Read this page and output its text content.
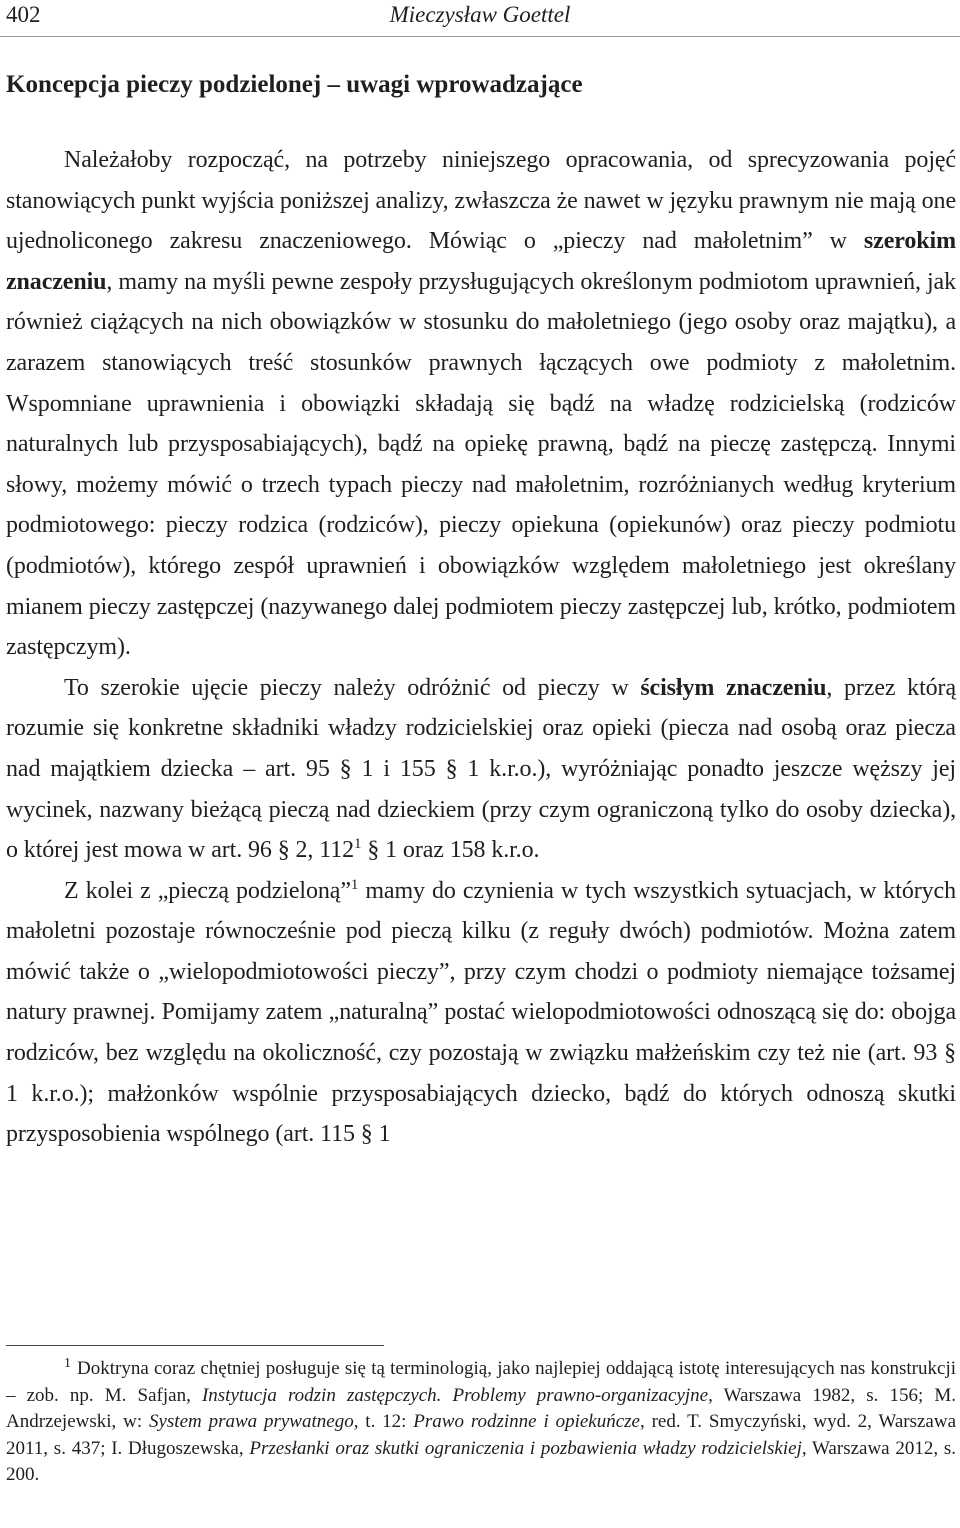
402	Mieczysław Goettel
Koncepcja pieczy podzielonej – uwagi wprowadzające

Należałoby rozpocząć, na potrzeby niniejszego opracowania, od sprecyzowania pojęć stanowiących punkt wyjścia poniższej analizy, zwłaszcza że nawet w języku prawnym nie mają one ujednoliconego zakresu znaczeniowego. Mówiąc o „pieczy nad małoletnim” w szerokim znaczeniu, mamy na myśli pewne zespoły przysługujących określonym podmiotom uprawnień, jak również ciążących na nich obowiązków w stosunku do małoletniego (jego osoby oraz majątku), a zarazem stanowiących treść stosunków prawnych łączących owe podmioty z małoletnim. Wspomniane uprawnienia i obowiązki składają się bądź na władzę rodzicielską (rodziców naturalnych lub przysposabiających), bądź na opiekę prawną, bądź na pieczę zastępczą. Innymi słowy, możemy mówić o trzech typach pieczy nad małoletnim, rozróżnianych według kryterium podmiotowego: pieczy rodzica (rodziców), pieczy opiekuna (opiekunów) oraz pieczy podmiotu (podmiotów), którego zespół uprawnień i obowiązków względem małoletniego jest określany mianem pieczy zastępczej (nazywanego dalej podmiotem pieczy zastępczej lub, krótko, podmiotem zastępczym).

To szerokie ujęcie pieczy należy odróżnić od pieczy w ścisłym znaczeniu, przez którą rozumie się konkretne składniki władzy rodzicielskiej oraz opieki (piecza nad osobą oraz piecza nad majątkiem dziecka – art. 95 § 1 i 155 § 1 k.r.o.), wyróżniając ponadto jeszcze węższy jej wycinek, nazwany bieżącą pieczą nad dzieckiem (przy czym ograniczoną tylko do osoby dziecka), o której jest mowa w art. 96 § 2, 112$^1$ § 1 oraz 158 k.r.o.

Z kolei z „pieczą podzieloną”$^1$ mamy do czynienia w tych wszystkich sytuacjach, w których małoletni pozostaje równocześnie pod pieczą kilku (z reguły dwóch) podmiotów. Można zatem mówić także o „wielopodmiotowości pieczy”, przy czym chodzi o podmioty niemające tożsamej natury prawnej. Pomijamy zatem „naturalną” postać wielopodmiotowości odnoszącą się do: obojga rodziców, bez względu na okoliczność, czy pozostają w związku małżeńskim czy też nie (art. 93 § 1 k.r.o.); małżonków wspólnie przysposabiających dziecko, bądź do których odnoszą skutki przysposobienia wspólnego (art. 115 § 1

$^1$ Doktryna coraz chętniej posługuje się tą terminologią, jako najlepiej oddającą istotę interesujących nas konstrukcji – zob. np. M. Safjan, Instytucja rodzin zastępczych. Problemy prawno-organizacyjne, Warszawa 1982, s. 156; M. Andrzejewski, w: System prawa prywatnego, t. 12: Prawo rodzinne i opiekuńcze, red. T. Smyczyński, wyd. 2, Warszawa 2011, s. 437; I. Długoszewska, Przesłanki oraz skutki ograniczenia i pozbawienia władzy rodzicielskiej, Warszawa 2012, s. 200.
